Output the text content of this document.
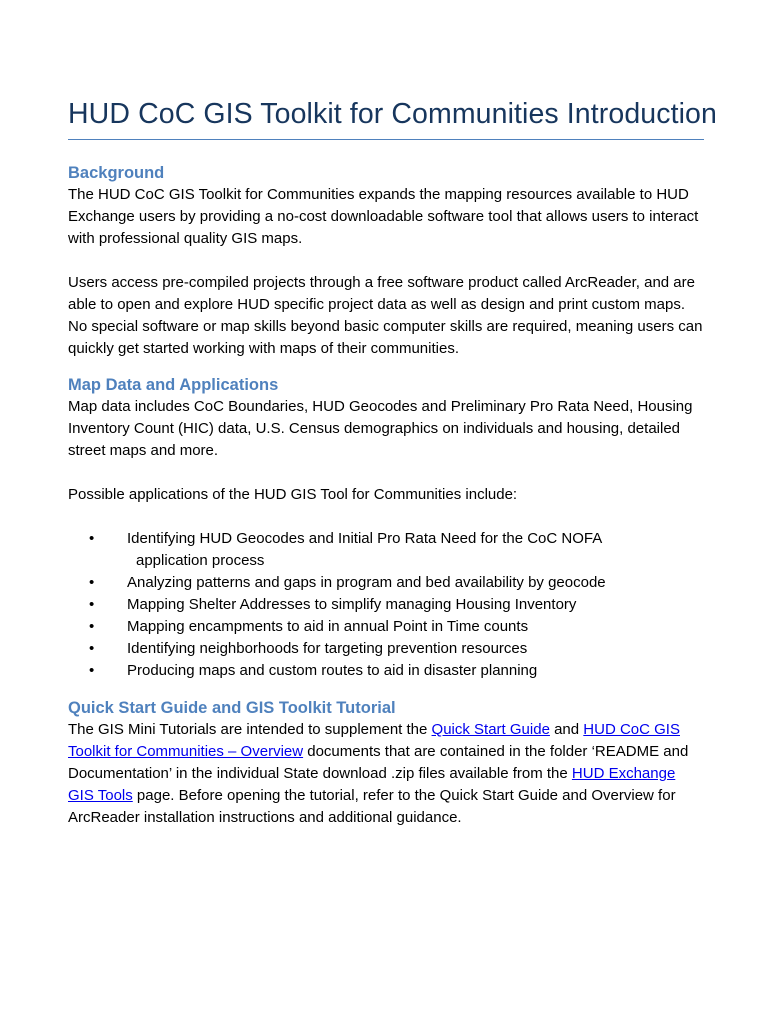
HUD CoC GIS Toolkit for Communities Introduction
Background

The HUD CoC GIS Toolkit for Communities expands the mapping resources available to HUD Exchange users by providing a no-cost downloadable software tool that allows users to interact with professional quality GIS maps.

Users access pre-compiled projects through a free software product called ArcReader, and are able to open and explore HUD specific project data as well as design and print custom maps. No special software or map skills beyond basic computer skills are required, meaning users can quickly get started working with maps of their communities.

Map Data and Applications

Map data includes CoC Boundaries, HUD Geocodes and Preliminary Pro Rata Need, Housing Inventory Count (HIC) data, U.S. Census demographics on individuals and housing, detailed street maps and more.

Possible applications of the HUD GIS Tool for Communities include:

• Identifying HUD Geocodes and Initial Pro Rata Need for the CoC NOFA
application process
• Analyzing patterns and gaps in program and bed availability by geocode
• Mapping Shelter Addresses to simplify managing Housing Inventory
• Mapping encampments to aid in annual Point in Time counts
• Identifying neighborhoods for targeting prevention resources
• Producing maps and custom routes to aid in disaster planning
Quick Start Guide and GIS Toolkit Tutorial

The GIS Mini Tutorials are intended to supplement the Quick Start Guide and HUD CoC GIS Toolkit for Communities – Overview documents that are contained in the folder ‘README and Documentation’ in the individual State download .zip files available from the HUD Exchange GIS Tools page. Before opening the tutorial, refer to the Quick Start Guide and Overview for ArcReader installation instructions and additional guidance.
